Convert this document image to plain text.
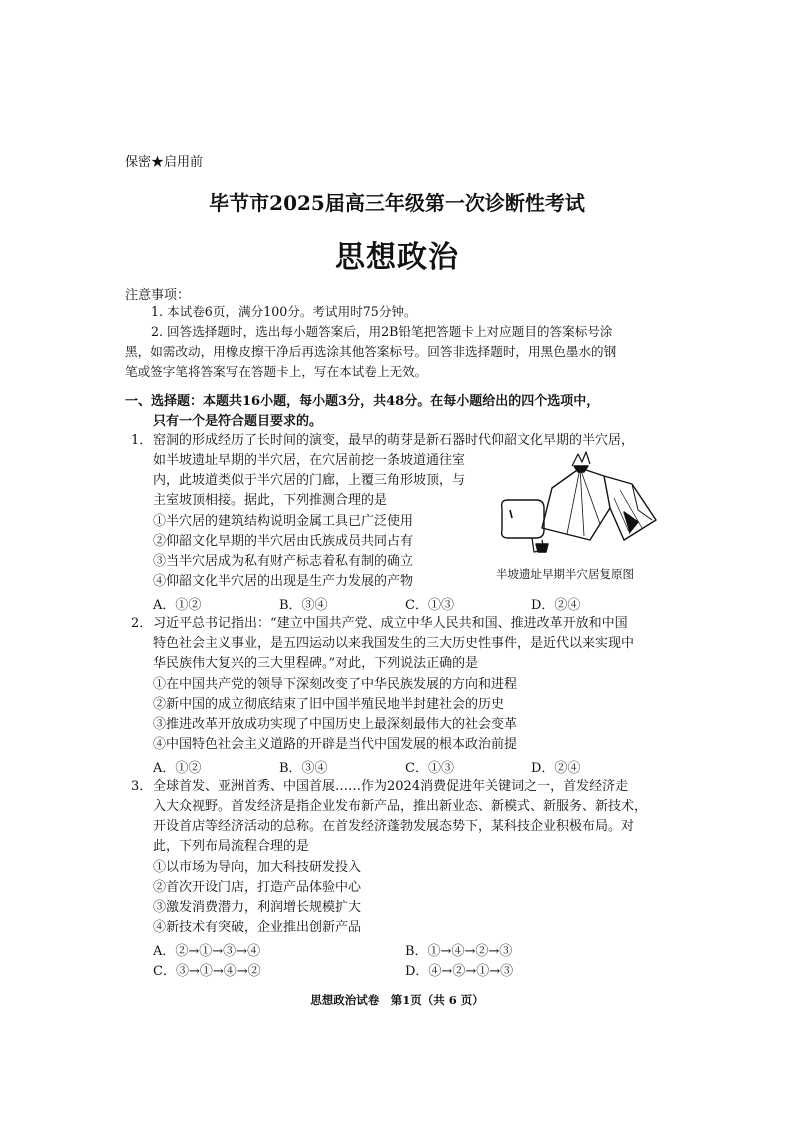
保密★启用前
毕节市2025届高三年级第一次诊断性考试
思想政治
注意事项：
1. 本试卷6页，满分100分。考试用时75分钟。
2. 回答选择题时，选出每小题答案后，用2B铅笔把答题卡上对应题目的答案标号涂
黑，如需改动，用橡皮擦干净后再选涂其他答案标号。回答非选择题时，用黑色墨水的钢
笔或签字笔将答案写在答题卡上，写在本试卷上无效。
一、选择题：本题共16小题，每小题3分，共48分。在每小题给出的四个选项中，
只有一个是符合题目要求的。
1． 窑洞的形成经历了长时间的演变，最早的萌芽是新石器时代仰韶文化早期的半穴居，
如半坡遗址早期的半穴居，在穴居前挖一条坡道通往室
内，此坡道类似于半穴居的门廊，上覆三角形坡顶，与
主室坡顶相接。据此，下列推测合理的是
①半穴居的建筑结构说明金属工具已广泛使用
②仰韶文化早期的半穴居由氏族成员共同占有
③当半穴居成为私有财产标志着私有制的确立
④仰韶文化半穴居的出现是生产力发展的产物
A．①②	B．③④	C．①③	D．②④
半坡遗址早期半穴居复原图
2． 习近平总书记指出：“建立中国共产党、成立中华人民共和国、推进改革开放和中国
特色社会主义事业，是五四运动以来我国发生的三大历史性事件，是近代以来实现中
华民族伟大复兴的三大里程碑。”对此，下列说法正确的是
①在中国共产党的领导下深刻改变了中华民族发展的方向和进程
②新中国的成立彻底结束了旧中国半殖民地半封建社会的历史
③推进改革开放成功实现了中国历史上最深刻最伟大的社会变革
④中国特色社会主义道路的开辟是当代中国发展的根本政治前提
A．①②	B．③④	C．①③	D．②④
3． 全球首发、亚洲首秀、中国首展……作为2024消费促进年关键词之一，首发经济走
入大众视野。首发经济是指企业发布新产品，推出新业态、新模式、新服务、新技术，
开设首店等经济活动的总称。在首发经济蓬勃发展态势下，某科技企业积极布局。对
此，下列布局流程合理的是
①以市场为导向，加大科技研发投入
②首次开设门店，打造产品体验中心
③激发消费潜力，利润增长规模扩大
④新技术有突破，企业推出创新产品
A．②→①→③→④	B．①→④→②→③
C．③→①→④→②	D．④→②→①→③
思想政治试卷　第1页（共 6 页）
